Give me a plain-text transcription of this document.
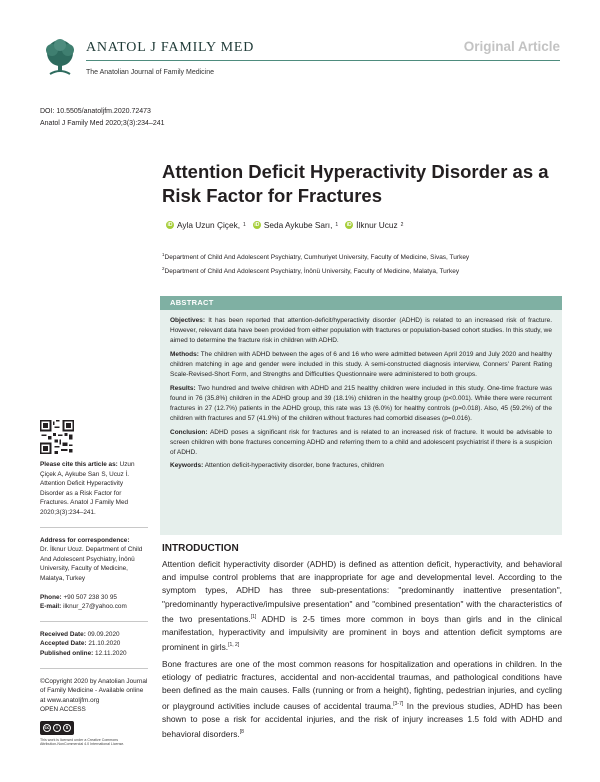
ANATOL J FAMILY MED
The Anatolian Journal of Family Medicine
Original Article
DOI: 10.5505/anatoljfm.2020.72473
Anatol J Family Med 2020;3(3):234–241
Attention Deficit Hyperactivity Disorder as a Risk Factor for Fractures
iD Ayla Uzun Çiçek, 1	iD Seda Aykube Sarı, 1	iD İlknur Ucuz 2
$^1$Department of Child And Adolescent Psychiatry, Cumhuriyet University, Faculty of Medicine, Sivas, Turkey
$^2$Department of Child And Adolescent Psychiatry, İnönü University, Faculty of Medicine, Malatya, Turkey
ABSTRACT

Objectives: It has been reported that attention-deficit/hyperactivity disorder (ADHD) is related to an increased risk of fracture. However, relevant data have been provided from either population with fractures or population-based cohort studies. In this study, we aimed to determine the fracture risk in children with ADHD.

Methods: The children with ADHD between the ages of 6 and 16 who were admitted between April 2019 and July 2020 and healthy children matching in age and gender were included in this study. A semi-constructed diagnosis interview, Conners' Parent Rating Scale-Revised-Short Form, and Strengths and Difficulties Questionnaire were administered to both groups.

Results: Two hundred and twelve children with ADHD and 215 healthy children were included in this study. One-time fracture was found in 76 (35.8%) children in the ADHD group and 39 (18.1%) children in the healthy group (p<0.001). While there were recurrent fractures in 27 (12.7%) patients in the ADHD group, this rate was 13 (6.0%) for healthy controls (p=0.018). Also, 45 (59.2%) of the children with fractures and 57 (41.9%) of the children without fractures had comorbid diseases (p=0.016).

Conclusion: ADHD poses a significant risk for fractures and is related to an increased risk of fracture. It would be advisable to screen children with bone fractures concerning ADHD and referring them to a child and adolescent psychiatrist if there is a suspicion of ADHD.

Keywords: Attention deficit-hyperactivity disorder, bone fractures, children

Please cite this article as: Uzun Çiçek A, Aykube Sarı S, Ucuz İ. Attention Deficit Hyperactivity Disorder as a Risk Factor for Fractures. Anatol J Family Med 2020;3(3):234–241.
Address for correspondence:
Dr. İlknur Ucuz. Department of Child And Adolescent Psychiatry, İnönü University, Faculty of Medicine, Malatya, Turkey
Phone: +90 507 238 30 95
E-mail: ilknur_27@yahoo.com
Received Date: 09.09.2020
Accepted Date: 21.10.2020
Published online: 12.11.2020
©Copyright 2020 by Anatolian Journal of Family Medicine - Available online at www.anatoljfm.org
OPEN ACCESS
cc	i	$
This work is licensed under a Creative Commons Attribution-NonCommercial 4.0 International License.
INTRODUCTION

Attention deficit hyperactivity disorder (ADHD) is defined as attention deficit, hyperactivity, and behavioral and impulse control problems that are inappropriate for age and developmental level. According to the symptom types, ADHD has three sub-presentations: "predominantly inattentive presentation", "predominantly hyperactive/impulsive presentation" and "combined presentation" with the characteristics of the two presentations.[1] ADHD is 2-5 times more common in boys than girls and in the clinical manifestation, hyperactivity and impulsivity are prominent in boys and attention deficit symptoms are prominent in girls.[1, 2]

Bone fractures are one of the most common reasons for hospitalization and operations in children. In the etiology of pediatric fractures, accidental and non-accidental traumas, and pathological conditions have been defined as the main causes. Falls (running or from a height), fighting, pedestrian injuries, and cycling or playground activities include causes of accidental trauma.[3-7] In the previous studies, ADHD has been shown to pose a risk for accidental injuries, and the risk of injury increases 1.5 fold with ADHD and behavioral disorders.$^{[8}$
